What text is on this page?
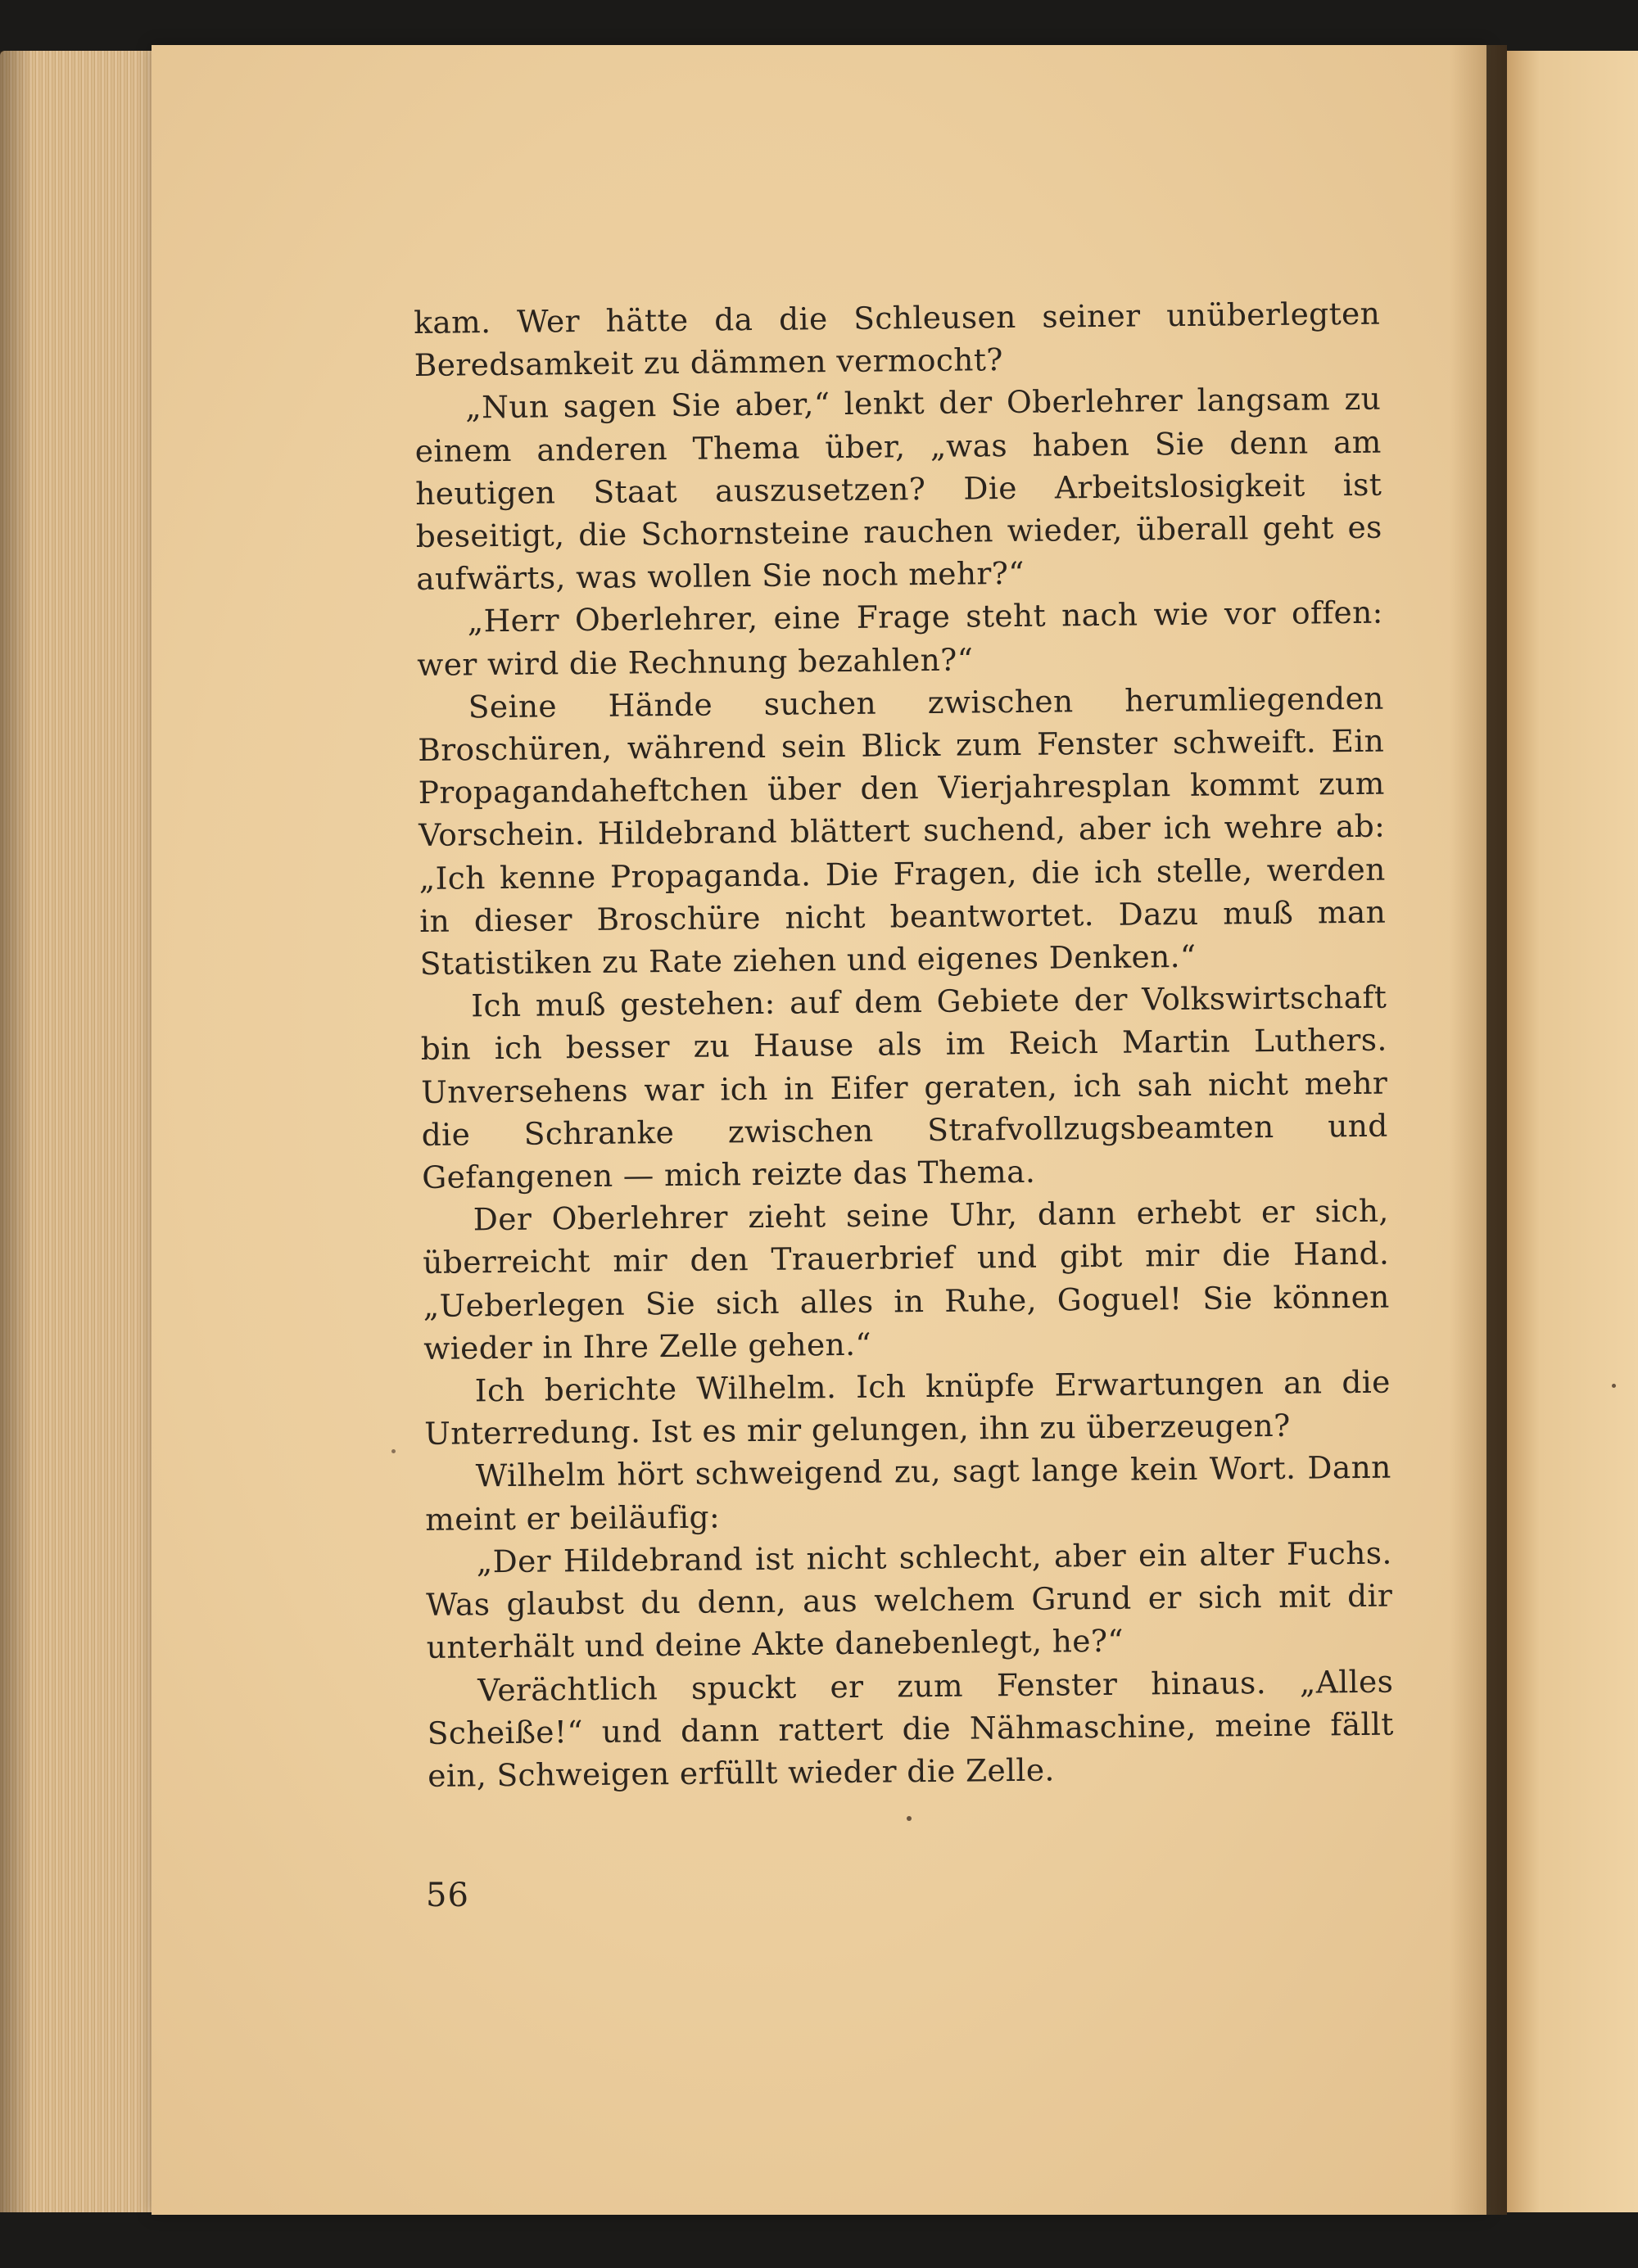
kam. Wer hätte da die Schleusen seiner unüberlegten Beredsamkeit zu dämmen vermocht?

„Nun sagen Sie aber,“ lenkt der Oberlehrer langsam zu einem anderen Thema über, „was haben Sie denn am heutigen Staat auszusetzen? Die Arbeitslosigkeit ist beseitigt, die Schornsteine rauchen wieder, überall geht es aufwärts, was wollen Sie noch mehr?“

„Herr Oberlehrer, eine Frage steht nach wie vor offen: wer wird die Rechnung bezahlen?“

Seine Hände suchen zwischen herumliegenden Broschüren, während sein Blick zum Fenster schweift. Ein Propagandaheftchen über den Vierjahresplan kommt zum Vorschein. Hildebrand blättert suchend, aber ich wehre ab: „Ich kenne Propaganda. Die Fragen, die ich stelle, werden in dieser Broschüre nicht beantwortet. Dazu muß man Statistiken zu Rate ziehen und eigenes Denken.“

Ich muß gestehen: auf dem Gebiete der Volkswirtschaft bin ich besser zu Hause als im Reich Martin Luthers. Unversehens war ich in Eifer geraten, ich sah nicht mehr die Schranke zwischen Strafvollzugsbeamten und Gefangenen — mich reizte das Thema.

Der Oberlehrer zieht seine Uhr, dann erhebt er sich, überreicht mir den Trauerbrief und gibt mir die Hand. „Ueberlegen Sie sich alles in Ruhe, Goguel! Sie können wieder in Ihre Zelle gehen.“

Ich berichte Wilhelm. Ich knüpfe Erwartungen an die Unterredung. Ist es mir gelungen, ihn zu überzeugen?

Wilhelm hört schweigend zu, sagt lange kein Wort. Dann meint er beiläufig:

„Der Hildebrand ist nicht schlecht, aber ein alter Fuchs. Was glaubst du denn, aus welchem Grund er sich mit dir unterhält und deine Akte danebenlegt, he?“

Verächtlich spuckt er zum Fenster hinaus. „Alles Scheiße!“ und dann rattert die Nähmaschine, meine fällt ein, Schweigen erfüllt wieder die Zelle.

56
